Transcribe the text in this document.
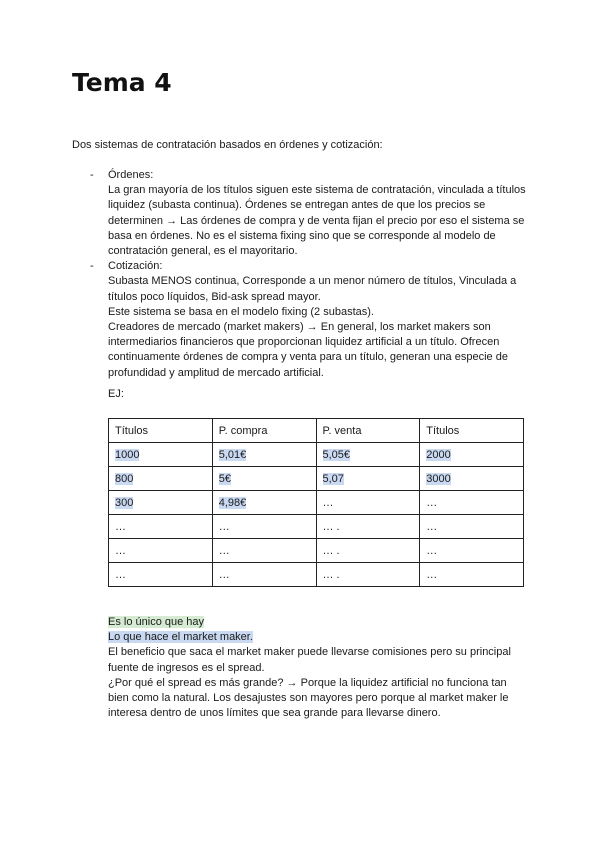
Tema 4

Dos sistemas de contratación basados en órdenes y cotización:

- Órdenes:

La gran mayoría de los títulos siguen este sistema de contratación, vinculada a títulos liquidez (subasta continua). Órdenes se entregan antes de que los precios se determinen → Las órdenes de compra y de venta fijan el precio por eso el sistema se basa en órdenes. No es el sistema fixing sino que se corresponde al modelo de contratación general, es el mayoritario.

- Cotización:

Subasta MENOS continua, Corresponde a un menor número de títulos, Vinculada a títulos poco líquidos, Bid-ask spread mayor.

Este sistema se basa en el modelo fixing (2 subastas).

Creadores de mercado (market makers) → En general, los market makers son intermediarios financieros que proporcionan liquidez artificial a un título. Ofrecen continuamente órdenes de compra y venta para un título, generan una especie de profundidad y amplitud de mercado artificial.

EJ:

Títulos	P. compra	P. venta	Títulos
1000	5,01€	5,05€	2000
800	5€	5,07	3000
300	4,98€	…	…
…	…	… .	…
…	…	… .	…
…	…	… .	…

Es lo único que hay

Lo que hace el market maker.

El beneficio que saca el market maker puede llevarse comisiones pero su principal fuente de ingresos es el spread.

¿Por qué el spread es más grande? → Porque la liquidez artificial no funciona tan bien como la natural. Los desajustes son mayores pero porque al market maker le interesa dentro de unos límites que sea grande para llevarse dinero.
